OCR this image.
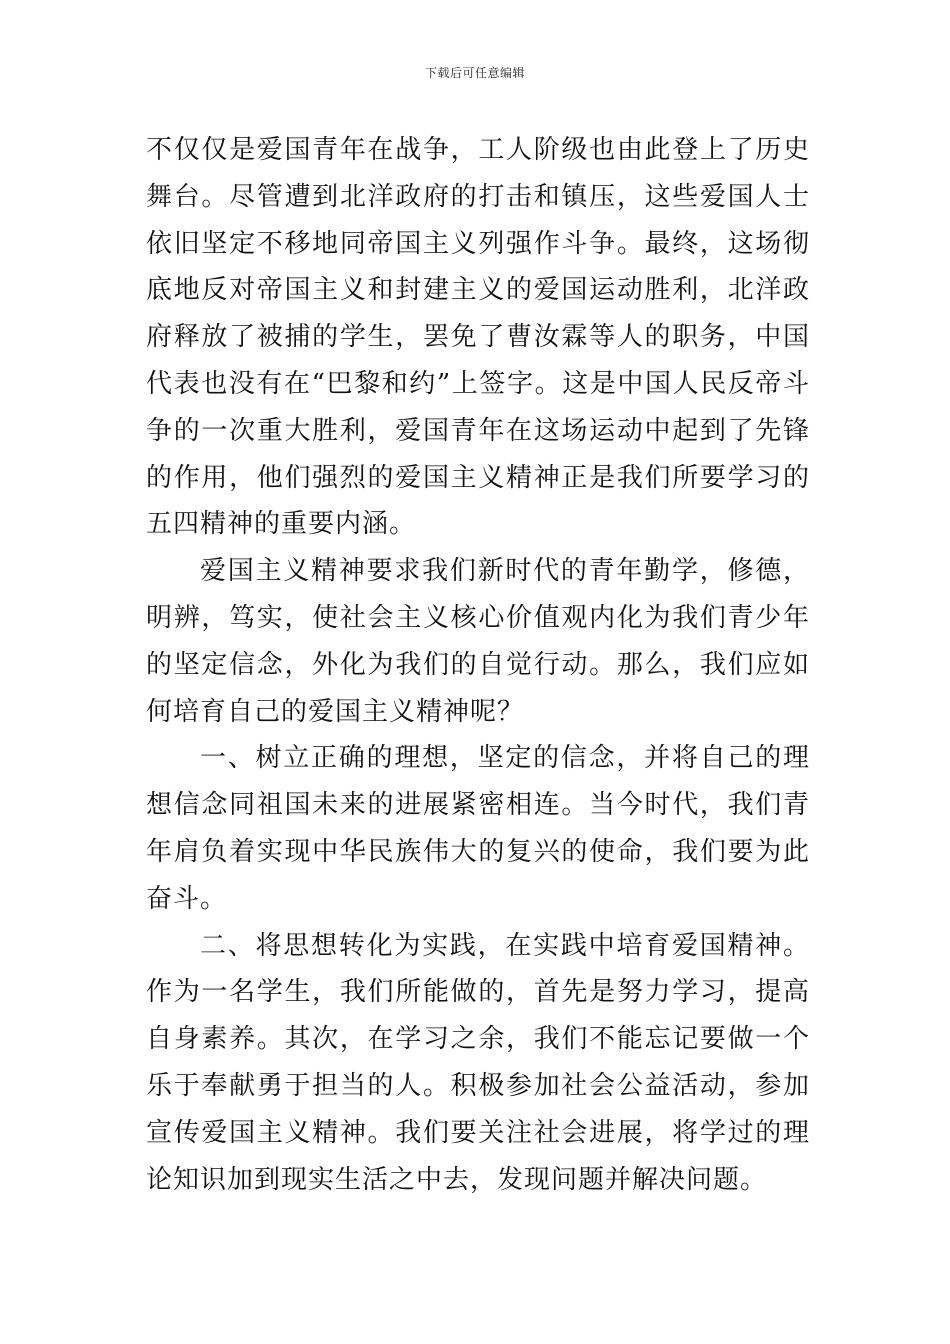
下载后可任意编辑

不仅仅是爱国青年在战争，工人阶级也由此登上了历史舞台。尽管遭到北洋政府的打击和镇压，这些爱国人士依旧坚定不移地同帝国主义列强作斗争。最终，这场彻底地反对帝国主义和封建主义的爱国运动胜利，北洋政府释放了被捕的学生，罢免了曹汝霖等人的职务，中国代表也没有在“巴黎和约”上签字。这是中国人民反帝斗争的一次重大胜利，爱国青年在这场运动中起到了先锋的作用，他们强烈的爱国主义精神正是我们所要学习的五四精神的重要内涵。

爱国主义精神要求我们新时代的青年勤学，修德，明辨，笃实，使社会主义核心价值观内化为我们青少年的坚定信念，外化为我们的自觉行动。那么，我们应如何培育自己的爱国主义精神呢？

一、树立正确的理想，坚定的信念，并将自己的理想信念同祖国未来的进展紧密相连。当今时代，我们青年肩负着实现中华民族伟大的复兴的使命，我们要为此奋斗。

二、将思想转化为实践，在实践中培育爱国精神。作为一名学生，我们所能做的，首先是努力学习，提高自身素养。其次，在学习之余，我们不能忘记要做一个乐于奉献勇于担当的人。积极参加社会公益活动，参加宣传爱国主义精神。我们要关注社会进展，将学过的理论知识加到现实生活之中去，发现问题并解决问题。
